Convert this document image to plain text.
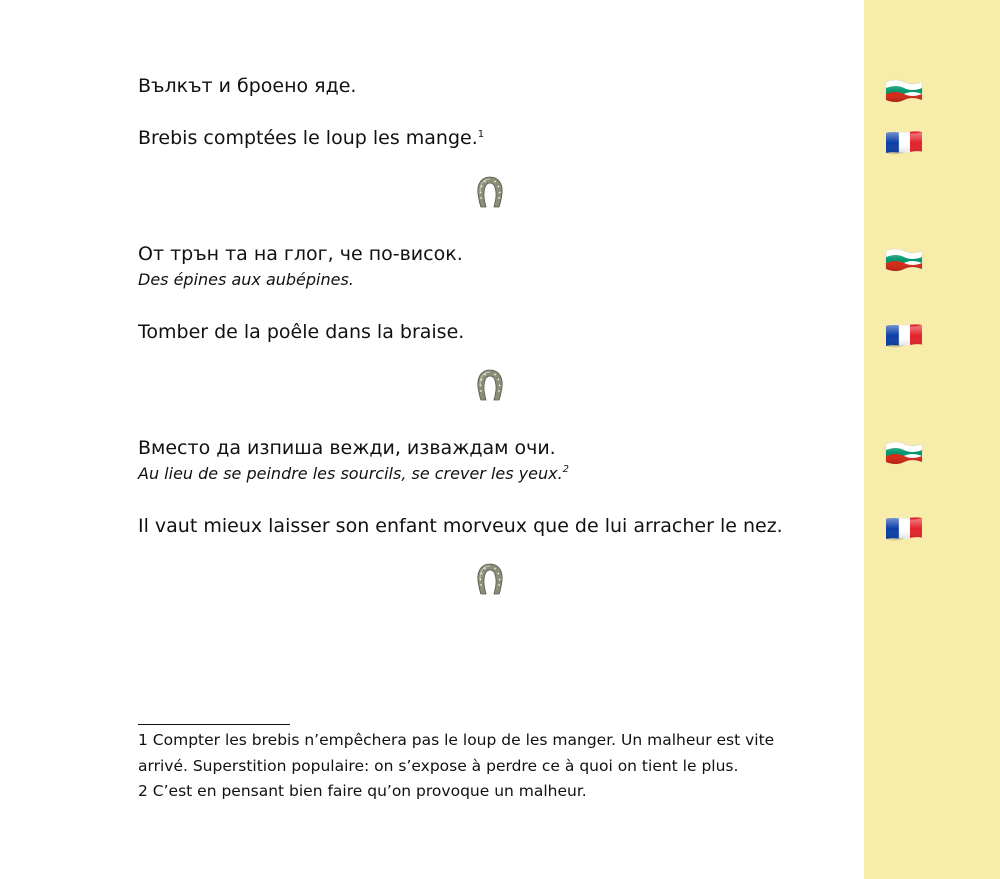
Вълкът и броено яде.
Brebis comptées le loup les mange.$^1$
От трън та на глог, че по-висок.
Des épines aux aubépines.
Tomber de la poêle dans la braise.
Вместо да изпиша вежди, изваждам очи.
Au lieu de se peindre les sourcils, se crever les yeux.$^2$
Il vaut mieux laisser son enfant morveux que de lui arracher le nez.
1 Compter les brebis n’empêchera pas le loup de les manger. Un malheur est vite
arrivé. Superstition populaire: on s’expose à perdre ce à quoi on tient le plus.
2 C’est en pensant bien faire qu’on provoque un malheur.
